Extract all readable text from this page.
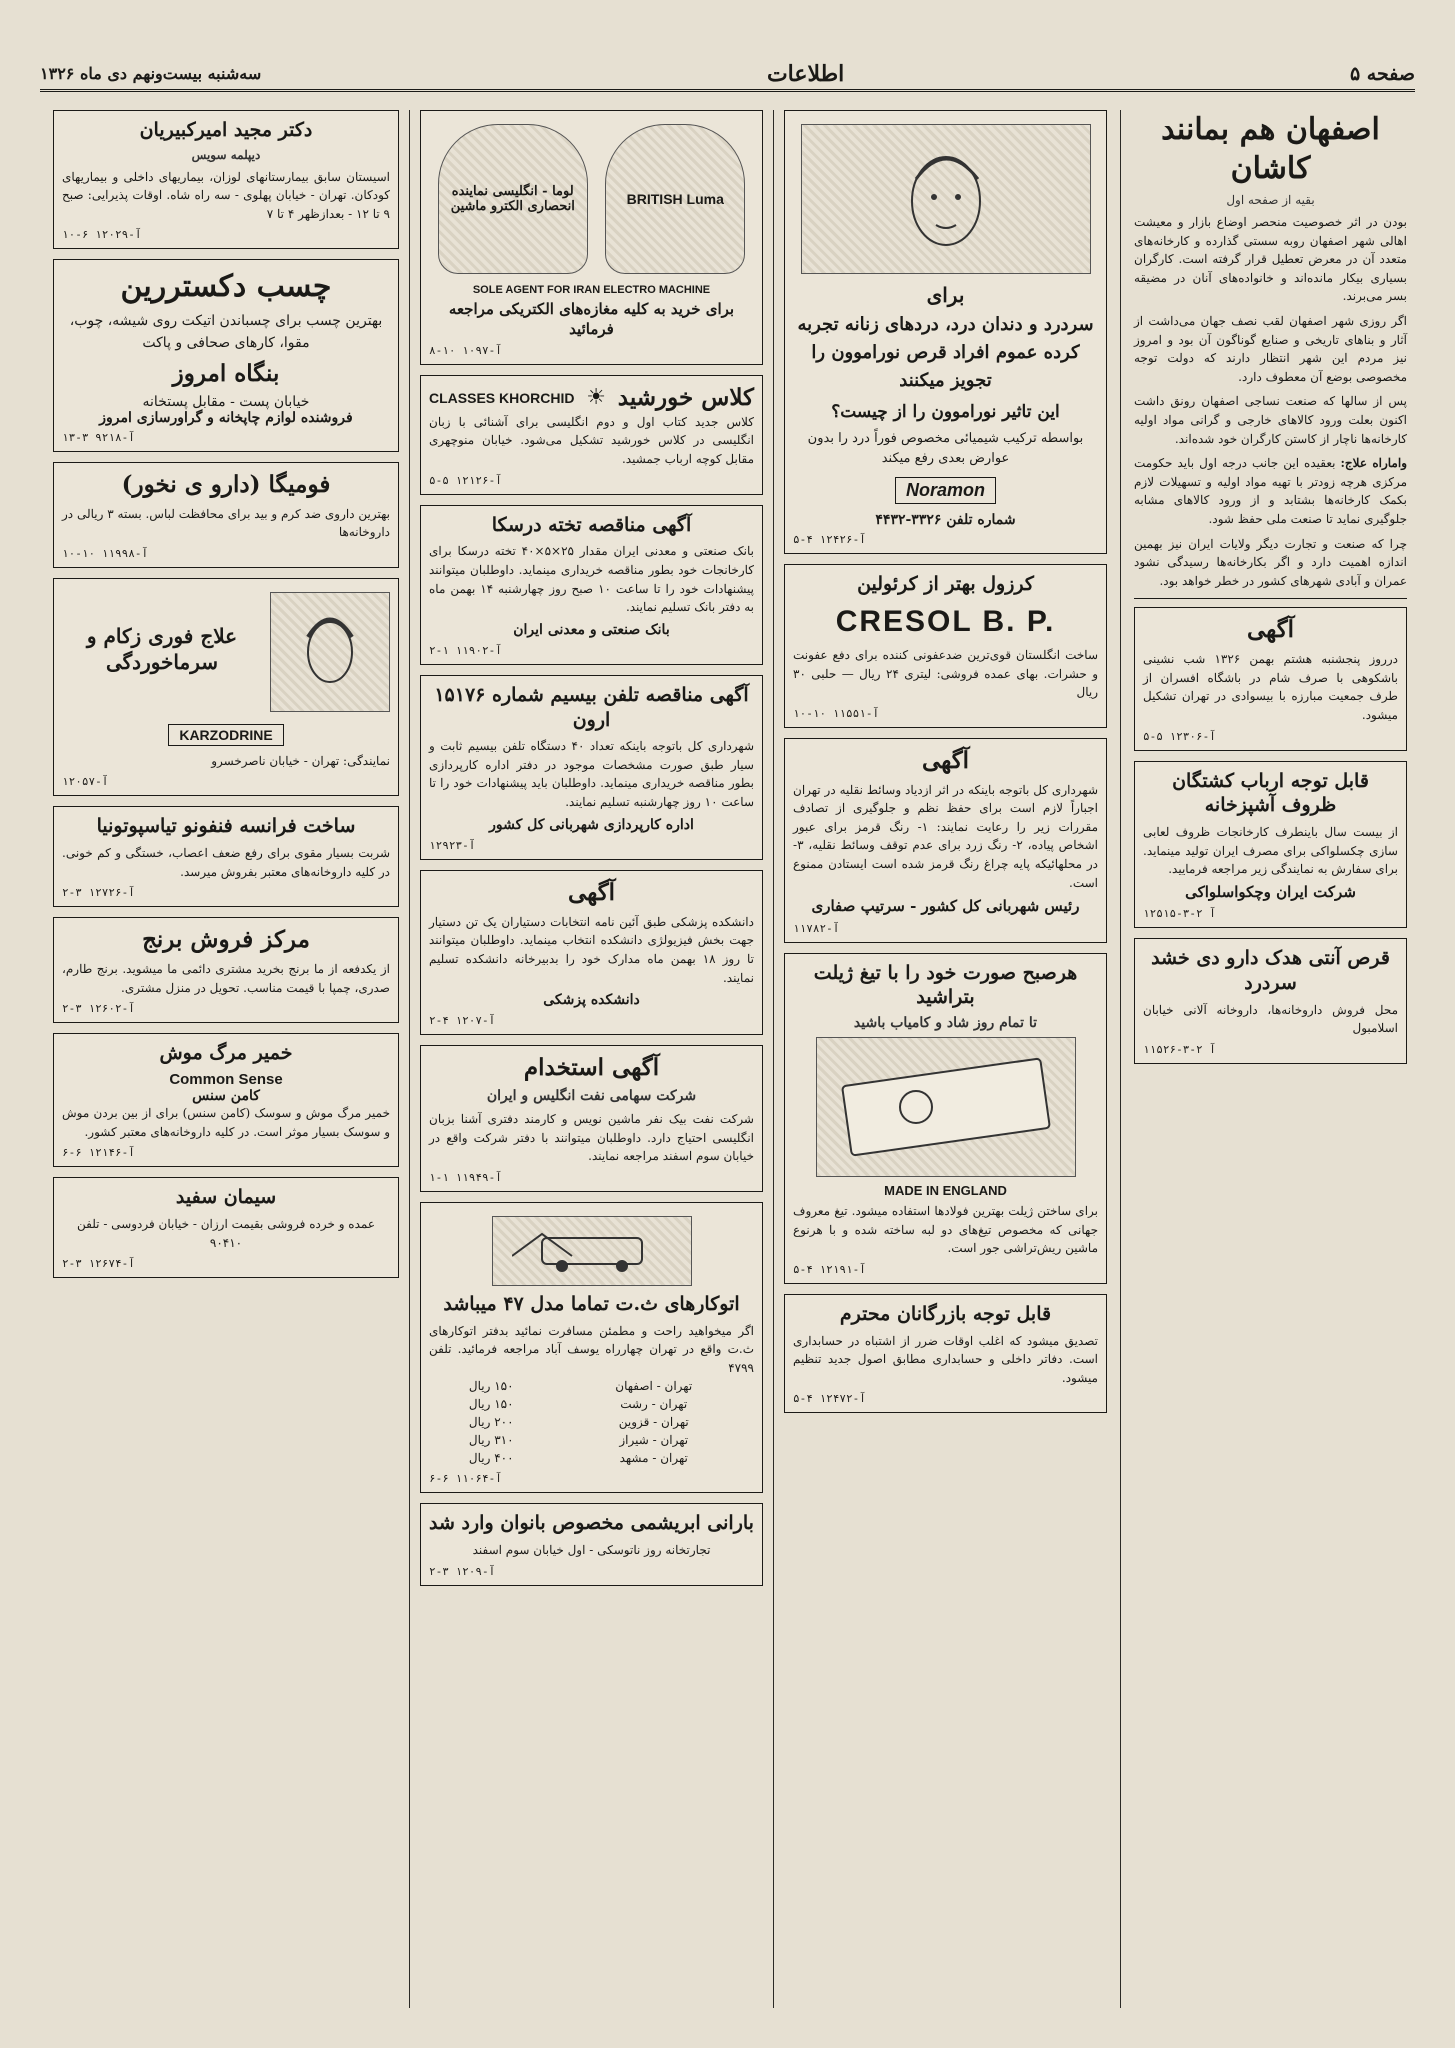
صفحه ۵
اطلاعات
سه‌شنبه بیست‌و‌نهم دی ماه ۱۳۲۶
اصفهان هم بمانند کاشان
بقیه از صفحه اول

بودن در اثر خصوصیت منحصر اوضاع بازار و معیشت اهالی شهر اصفهان روبه سستی گذارده و کارخانه‌های متعدد آن در معرض تعطیل قرار گرفته است. کارگران بسیاری بیکار مانده‌اند و خانواده‌های آنان در مضیقه بسر می‌برند.

اگر روزی شهر اصفهان لقب نصف جهان می‌داشت از آثار و بناهای تاریخی و صنایع گوناگون آن بود و امروز نیز مردم این شهر انتظار دارند که دولت توجه مخصوصی بوضع آن معطوف دارد.

پس از سالها که صنعت نساجی اصفهان رونق داشت اکنون بعلت ورود کالاهای خارجی و گرانی مواد اولیه کارخانه‌ها ناچار از کاستن کارگران خود شده‌اند.

واماراه علاج: بعقیده این جانب درجه اول باید حکومت مرکزی هرچه زودتر با تهیه مواد اولیه و تسهیلات لازم بکمک کارخانه‌ها بشتابد و از ورود کالاهای مشابه جلوگیری نماید تا صنعت ملی حفظ شود.

چرا که صنعت و تجارت دیگر ولایات ایران نیز بهمین اندازه اهمیت دارد و اگر بکارخانه‌ها رسیدگی نشود عمران و آبادی شهرهای کشور در خطر خواهد بود.

آگهی
درروز پنجشنبه هشتم بهمن ۱۳۲۶ شب نشینی باشکوهی با صرف شام در باشگاه افسران از طرف جمعیت مبارزه با بیسوادی در تهران تشکیل میشود.
۵-۵ ۱۲۳۰۶-آ
قابل توجه ارباب کشتگان ظروف آشپزخانه
از بیست سال باینطرف کارخانجات ظروف لعابی سازی چکسلواکی برای مصرف ایران تولید مینماید. برای سفارش به نمایندگی زیر مراجعه فرمایید.
شرکت ایران وچکواسلواکی
۱۲۵۱۵-آ ۲-۳
قرص آنتی هدک دارو دی خشد سردرد
محل فروش داروخانه‌ها، داروخانه آلانی خیابان اسلامبول
۱۱۵۲۶-آ ۲-۳
برای
سردرد و دندان درد، دردهای زنانه تجربه کرده عموم افراد قرص نوراموون را تجویز میکنند
این تاثیر نوراموون را از چیست؟
بواسطه ترکیب شیمیائی مخصوص فوراً درد را بدون عوارض بعدی رفع میکند
Noramon
شماره تلفن ۳۳۲۶-۴۴۳۲
۵-۴ ۱۲۴۲۶-آ
کرزول بهتر از کرئولین
CRESOL B. P.
ساخت انگلستان قوی‌ترین ضدعفونی کننده برای دفع عفونت و حشرات. بهای عمده فروشی: لیتری ۲۴ ریال — حلبی ۳۰ ریال
۱۰-۱۰ ۱۱۵۵۱-آ
آگهی
شهرداری کل باتوجه باینکه در اثر ازدیاد وسائط نقلیه در تهران اجباراً لازم است برای حفظ نظم و جلوگیری از تصادف مقررات زیر را رعایت نمایند: ۱- رنگ قرمز برای عبور اشخاص پیاده، ۲- رنگ زرد برای عدم توقف وسائط نقلیه، ۳- در محلهائیکه پایه چراغ رنگ قرمز شده است ایستادن ممنوع است.
رئیس شهربانی کل کشور - سرتیپ صفاری
۱۱۷۸۲-آ
هرصبح صورت خود را با تیغ ژیلت بتراشید
تا تمام روز شاد و کامیاب باشید
MADE IN ENGLAND
برای ساختن ژیلت بهترین فولادها استفاده میشود. تیغ معروف جهانی که مخصوص تیغ‌های دو لبه ساخته شده و با هرنوع ماشین ریش‌تراشی جور است.
۵-۴ ۱۲۱۹۱-آ
قابل توجه بازرگانان محترم
تصدیق میشود که اغلب اوقات ضرر از اشتباه در حسابداری است. دفاتر داخلی و حسابداری مطابق اصول جدید تنظیم میشود.
۵-۴ ۱۲۴۷۲-آ
BRITISH Luma
لوما - انگلیسی نماینده انحصاری الکترو ماشین
SOLE AGENT FOR IRAN ELECTRO MACHINE
برای خرید به کلیه مغازه‌های الکتریکی مراجعه فرمائید
۸-۱۰ ۱۰۹۷-آ
کلاس خورشید
☀
CLASSES KHORCHID
کلاس جدید کتاب اول و دوم انگلیسی برای آشنائی با زبان انگلیسی در کلاس خورشید تشکیل می‌شود. خیابان منوچهری مقابل کوچه ارباب جمشید.
۵-۵ ۱۲۱۲۶-آ
آگهی مناقصه تخته درسکا
بانک صنعتی و معدنی ایران مقدار ۲۵×۵×۴۰ تخته درسکا برای کارخانجات خود بطور مناقصه خریداری مینماید. داوطلبان میتوانند پیشنهادات خود را تا ساعت ۱۰ صبح روز چهارشنبه ۱۴ بهمن ماه به دفتر بانک تسلیم نمایند.
بانک صنعتی و معدنی ایران
۲-۱ ۱۱۹۰۲-آ
آگهی مناقصه تلفن بیسیم شماره ۱۵۱۷۶ ارون
شهرداری کل باتوجه باینکه تعداد ۴۰ دستگاه تلفن بیسیم ثابت و سیار طبق صورت مشخصات موجود در دفتر اداره کارپردازی بطور مناقصه خریداری مینماید. داوطلبان باید پیشنهادات خود را تا ساعت ۱۰ روز چهارشنبه تسلیم نمایند.
اداره کارپردازی شهربانی کل کشور
۱۲۹۲۳-آ
آگهی
دانشکده پزشکی طبق آئین نامه انتخابات دستیاران یک تن دستیار جهت بخش فیزیولژی دانشکده انتخاب مینماید. داوطلبان میتوانند تا روز ۱۸ بهمن ماه مدارک خود را بدبیرخانه دانشکده تسلیم نمایند.
دانشکده پزشکی
۲-۴ ۱۲۰۷-آ
آگهی استخدام
شرکت سهامی نفت انگلیس و ایران
شرکت نفت بیک نفر ماشین نویس و کارمند دفتری آشنا بزبان انگلیسی احتیاج دارد. داوطلبان میتوانند با دفتر شرکت واقع در خیابان سوم اسفند مراجعه نمایند.
۱-۱ ۱۱۹۴۹-آ
اتوکارهای ث.ت تماما مدل ۴۷ میباشد
اگر میخواهید راحت و مطمئن مسافرت نمائید بدفتر اتوکارهای ث.ت واقع در تهران چهارراه یوسف آباد مراجعه فرمائید. تلفن ۴۷۹۹
تهران - اصفهان	۱۵۰ ریال
تهران - رشت	۱۵۰ ریال
تهران - قزوین	۲۰۰ ریال
تهران - شیراز	۳۱۰ ریال
تهران - مشهد	۴۰۰ ریال
۶-۶ ۱۱۰۶۴-آ
بارانی ابریشمی مخصوص بانوان وارد شد
تجارتخانه روز ناتوسکی - اول خیابان سوم اسفند
۲-۳ ۱۲۰۹-آ
دکتر مجید امیرکبیریان
دیپلمه سویس
اسیستان سابق بیمارستانهای لوزان، بیماریهای داخلی و بیماریهای کودکان. تهران - خیابان پهلوی - سه راه شاه. اوقات پذیرایی: صبح ۹ تا ۱۲ - بعدازظهر ۴ تا ۷
۱۰-۶ ۱۲۰۲۹-آ
چسب دکستررین
بهترین چسب برای چسباندن اتیکت روی شیشه، چوب، مقوا، کارهای صحافی و پاکت
بنگاه امروز
خیابان پست - مقابل پستخانه
فروشنده لوازم چاپخانه و گراورسازی امروز
۱۳-۳ ۹۲۱۸-آ
فومیگا (دارو ی نخور)
بهترین داروی ضد کرم و بید برای محافظت لباس. بسته ۳ ریالی در داروخانه‌ها
۱۰-۱۰ ۱۱۹۹۸-آ
علاج فوری زکام و سرماخوردگی
KARZODRINE
نمایندگی: تهران - خیابان ناصرخسرو
۱۲۰۵۷-آ
ساخت فرانسه فنفونو تیاسپوتونیا
شربت بسیار مقوی برای رفع ضعف اعصاب، خستگی و کم خونی. در کلیه داروخانه‌های معتبر بفروش میرسد.
۲-۳ ۱۲۷۲۶-آ
مرکز فروش برنج
از یکدفعه از ما برنج بخرید مشتری دائمی ما میشوید. برنج طارم، صدری، چمپا با قیمت مناسب. تحویل در منزل مشتری.
۲-۳ ۱۲۶۰۲-آ
خمیر مرگ موش
Common Sense
کامن سنس
خمیر مرگ موش و سوسک (کامن سنس) برای از بین بردن موش و سوسک بسیار موثر است. در کلیه داروخانه‌های معتبر کشور.
۶-۶ ۱۲۱۴۶-آ
سیمان سفید
عمده و خرده فروشی بقیمت ارزان - خیابان فردوسی - تلفن ۹۰۴۱۰
۲-۳ ۱۲۶۷۴-آ
